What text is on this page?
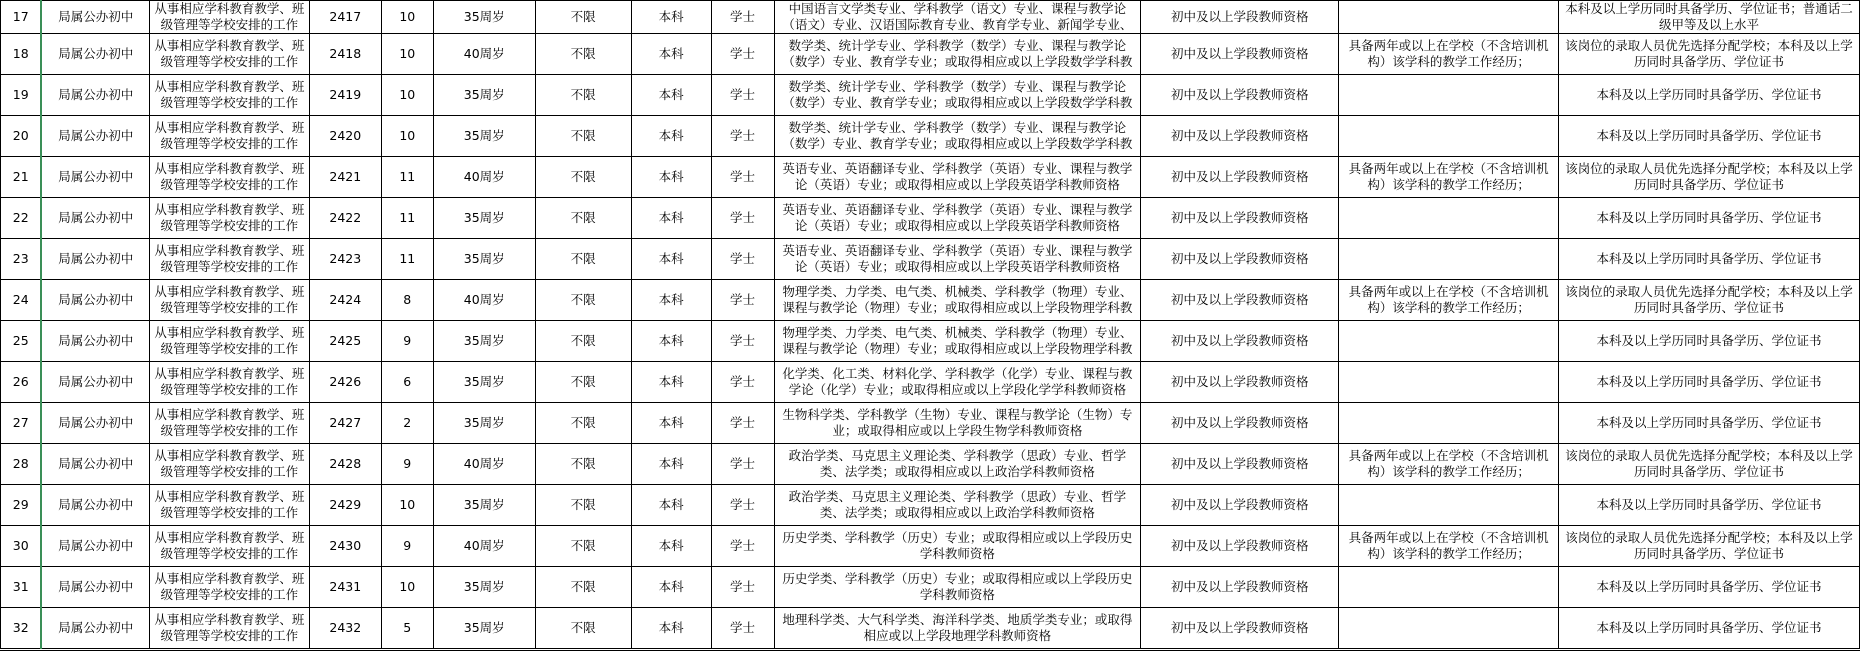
17	局属公办初中	从事相应学科教育教学、班级管理等学校安排的工作	2417	10	35周岁	不限	本科	学士	中国语言文学类专业、学科教学（语文）专业、课程与教学论（语文）专业、汉语国际教育专业、教育学专业、新闻学专业、	初中及以上学段教师资格		本科及以上学历同时具备学历、学位证书；普通话二级甲等及以上水平

18	局属公办初中	从事相应学科教育教学、班级管理等学校安排的工作	2418	10	40周岁	不限	本科	学士	数学类、统计学专业、学科教学（数学）专业、课程与教学论（数学）专业、教育学专业；或取得相应或以上学段数学学科教	初中及以上学段教师资格	具备两年或以上在学校（不含培训机构）该学科的教学工作经历；	该岗位的录取人员优先选择分配学校；本科及以上学历同时具备学历、学位证书

19	局属公办初中	从事相应学科教育教学、班级管理等学校安排的工作	2419	10	35周岁	不限	本科	学士	数学类、统计学专业、学科教学（数学）专业、课程与教学论（数学）专业、教育学专业；或取得相应或以上学段数学学科教	初中及以上学段教师资格		本科及以上学历同时具备学历、学位证书

20	局属公办初中	从事相应学科教育教学、班级管理等学校安排的工作	2420	10	35周岁	不限	本科	学士	数学类、统计学专业、学科教学（数学）专业、课程与教学论（数学）专业、教育学专业；或取得相应或以上学段数学学科教	初中及以上学段教师资格		本科及以上学历同时具备学历、学位证书

21	局属公办初中	从事相应学科教育教学、班级管理等学校安排的工作	2421	11	40周岁	不限	本科	学士	英语专业、英语翻译专业、学科教学（英语）专业、课程与教学论（英语）专业；或取得相应或以上学段英语学科教师资格	初中及以上学段教师资格	具备两年或以上在学校（不含培训机构）该学科的教学工作经历；	该岗位的录取人员优先选择分配学校；本科及以上学历同时具备学历、学位证书

22	局属公办初中	从事相应学科教育教学、班级管理等学校安排的工作	2422	11	35周岁	不限	本科	学士	英语专业、英语翻译专业、学科教学（英语）专业、课程与教学论（英语）专业；或取得相应或以上学段英语学科教师资格	初中及以上学段教师资格		本科及以上学历同时具备学历、学位证书

23	局属公办初中	从事相应学科教育教学、班级管理等学校安排的工作	2423	11	35周岁	不限	本科	学士	英语专业、英语翻译专业、学科教学（英语）专业、课程与教学论（英语）专业；或取得相应或以上学段英语学科教师资格	初中及以上学段教师资格		本科及以上学历同时具备学历、学位证书

24	局属公办初中	从事相应学科教育教学、班级管理等学校安排的工作	2424	8	40周岁	不限	本科	学士	物理学类、力学类、电气类、机械类、学科教学（物理）专业、课程与教学论（物理）专业；或取得相应或以上学段物理学科教	初中及以上学段教师资格	具备两年或以上在学校（不含培训机构）该学科的教学工作经历；	该岗位的录取人员优先选择分配学校；本科及以上学历同时具备学历、学位证书

25	局属公办初中	从事相应学科教育教学、班级管理等学校安排的工作	2425	9	35周岁	不限	本科	学士	物理学类、力学类、电气类、机械类、学科教学（物理）专业、课程与教学论（物理）专业；或取得相应或以上学段物理学科教	初中及以上学段教师资格		本科及以上学历同时具备学历、学位证书

26	局属公办初中	从事相应学科教育教学、班级管理等学校安排的工作	2426	6	35周岁	不限	本科	学士	化学类、化工类、材料化学、学科教学（化学）专业、课程与教学论（化学）专业；或取得相应或以上学段化学学科教师资格	初中及以上学段教师资格		本科及以上学历同时具备学历、学位证书

27	局属公办初中	从事相应学科教育教学、班级管理等学校安排的工作	2427	2	35周岁	不限	本科	学士	生物科学类、学科教学（生物）专业、课程与教学论（生物）专业；或取得相应或以上学段生物学科教师资格	初中及以上学段教师资格		本科及以上学历同时具备学历、学位证书

28	局属公办初中	从事相应学科教育教学、班级管理等学校安排的工作	2428	9	40周岁	不限	本科	学士	政治学类、马克思主义理论类、学科教学（思政）专业、哲学类、法学类；或取得相应或以上政治学科教师资格	初中及以上学段教师资格	具备两年或以上在学校（不含培训机构）该学科的教学工作经历；	该岗位的录取人员优先选择分配学校；本科及以上学历同时具备学历、学位证书

29	局属公办初中	从事相应学科教育教学、班级管理等学校安排的工作	2429	10	35周岁	不限	本科	学士	政治学类、马克思主义理论类、学科教学（思政）专业、哲学类、法学类；或取得相应或以上政治学科教师资格	初中及以上学段教师资格		本科及以上学历同时具备学历、学位证书

30	局属公办初中	从事相应学科教育教学、班级管理等学校安排的工作	2430	9	40周岁	不限	本科	学士	历史学类、学科教学（历史）专业；或取得相应或以上学段历史学科教师资格	初中及以上学段教师资格	具备两年或以上在学校（不含培训机构）该学科的教学工作经历；	该岗位的录取人员优先选择分配学校；本科及以上学历同时具备学历、学位证书

31	局属公办初中	从事相应学科教育教学、班级管理等学校安排的工作	2431	10	35周岁	不限	本科	学士	历史学类、学科教学（历史）专业；或取得相应或以上学段历史学科教师资格	初中及以上学段教师资格		本科及以上学历同时具备学历、学位证书

32	局属公办初中	从事相应学科教育教学、班级管理等学校安排的工作	2432	5	35周岁	不限	本科	学士	地理科学类、大气科学类、海洋科学类、地质学类专业；或取得相应或以上学段地理学科教师资格	初中及以上学段教师资格		本科及以上学历同时具备学历、学位证书
